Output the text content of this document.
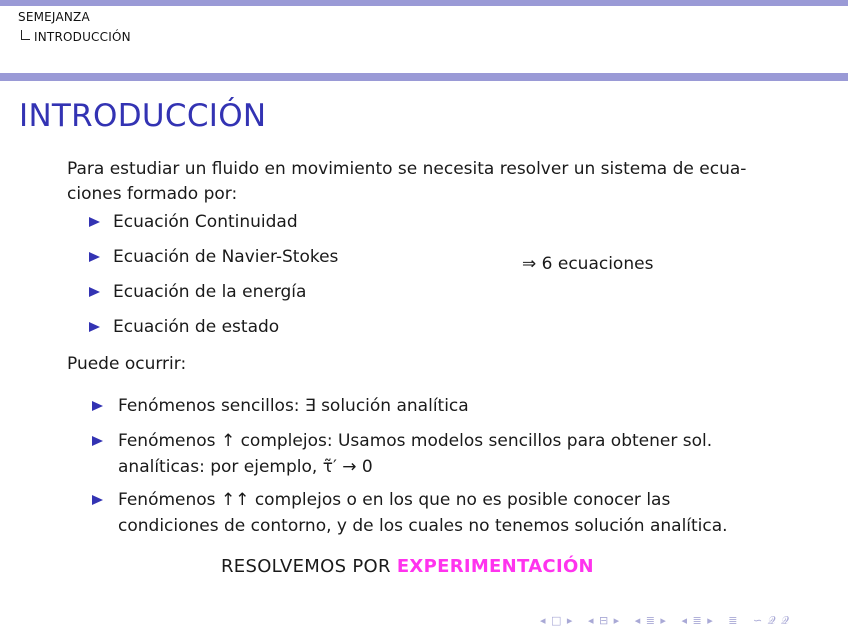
SEMEJANZA
INTRODUCCIÓN
INTRODUCCIÓN
Para estudiar un fluido en movimiento se necesita resolver un sistema de ecua-
ciones formado por:
Ecuación Continuidad
Ecuación de Navier-Stokes
Ecuación de la energía
Ecuación de estado
⇒ 6 ecuaciones
Puede ocurrir:
Fenómenos sencillos: ∃ solución analítica
Fenómenos ↑ complejos: Usamos modelos sencillos para obtener sol.
analíticas: por ejemplo, τ̃′ → 0
Fenómenos ↑↑ complejos o en los que no es posible conocer las
condiciones de contorno, y de los cuales no tenemos solución analítica.
RESOLVEMOS POR EXPERIMENTACIÓN
◂ □ ▸ ◂ ⊟ ▸ ◂ ≣ ▸ ◂ ≣ ▸ ≣ ∽ 𝒬 𝒬
